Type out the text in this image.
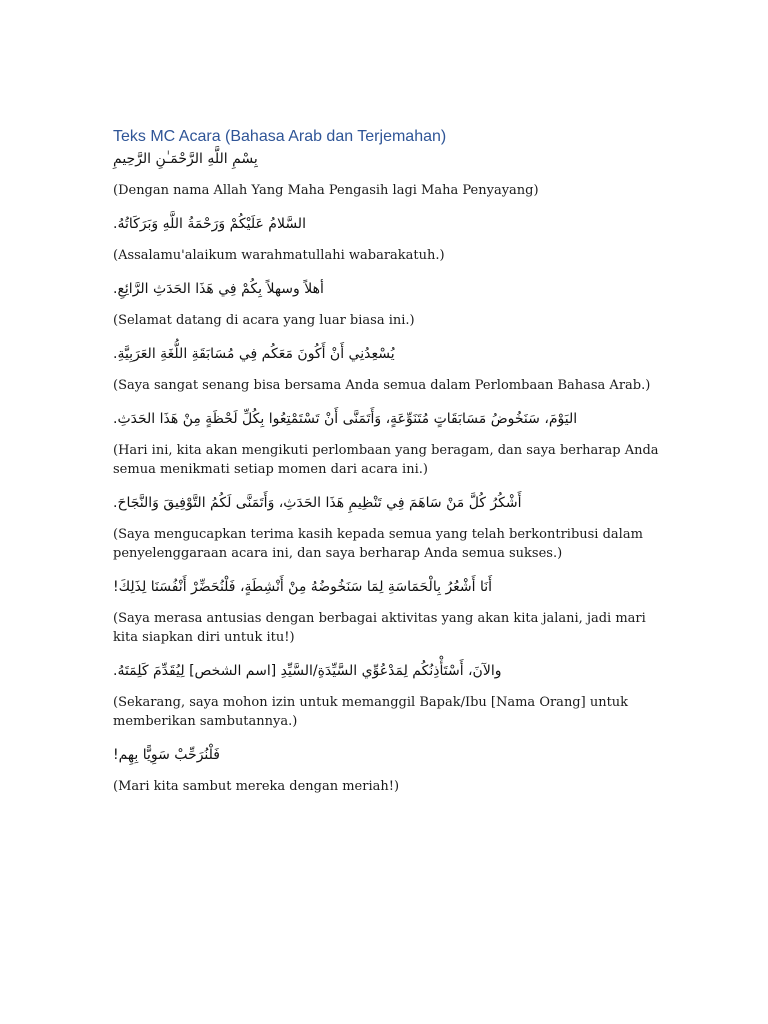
Teks MC Acara (Bahasa Arab dan Terjemahan)

بِسْمِ اللَّهِ الرَّحْمَـٰنِ الرَّحِيمِ

(Dengan nama Allah Yang Maha Pengasih lagi Maha Penyayang)

السَّلامُ عَلَيْكُمْ وَرَحْمَةُ اللَّهِ وَبَرَكَاتُهُ.

(Assalamu'alaikum warahmatullahi wabarakatuh.)

أهلاً وسهلاً بِكُمْ فِي هَذَا الحَدَثِ الرَّائِعِ.

(Selamat datang di acara yang luar biasa ini.)

يُسْعِدُنِي أَنْ أَكُونَ مَعَكُم فِي مُسَابَقَةِ اللُّغَةِ العَرَبِيَّةِ.

(Saya sangat senang bisa bersama Anda semua dalam Perlombaan Bahasa Arab.)

اليَوْمَ، سَنَخُوضُ مَسَابَقَاتٍ مُتَنَوِّعَةٍ، وَأَتَمَنَّى أَنْ تَسْتَمْتِعُوا بِكُلِّ لَحْظَةٍ مِنْ هَذَا الحَدَثِ.

(Hari ini, kita akan mengikuti perlombaan yang beragam, dan saya berharap Anda semua menikmati setiap momen dari acara ini.)

أَشْكُرُ كُلَّ مَنْ سَاهَمَ فِي تَنْظِيمِ هَذَا الحَدَثِ، وَأَتَمَنَّى لَكُمُ التَّوْفِيقَ وَالنَّجَاحَ.

(Saya mengucapkan terima kasih kepada semua yang telah berkontribusi dalam penyelenggaraan acara ini, dan saya berharap Anda semua sukses.)

أَنَا أَشْعُرُ بِالْحَمَاسَةِ لِمَا سَنَخُوضُهُ مِنْ أَنْشِطَةٍ، فَلْنُحَضِّرْ أَنْفُسَنَا لِذَلِكَ!

(Saya merasa antusias dengan berbagai aktivitas yang akan kita jalani, jadi mari kita siapkan diri untuk itu!)

والآنَ، أَسْتَأْذِنُكُم لِمَدْعُوِّي السَّيِّدَةِ/السَّيِّدِ [اسم الشخص] لِيُقَدِّمَ كَلِمَتَهُ.

(Sekarang, saya mohon izin untuk memanggil Bapak/Ibu [Nama Orang] untuk memberikan sambutannya.)

فَلْنُرَحِّبْ سَوِيًّا بِهِم!

(Mari kita sambut mereka dengan meriah!)
